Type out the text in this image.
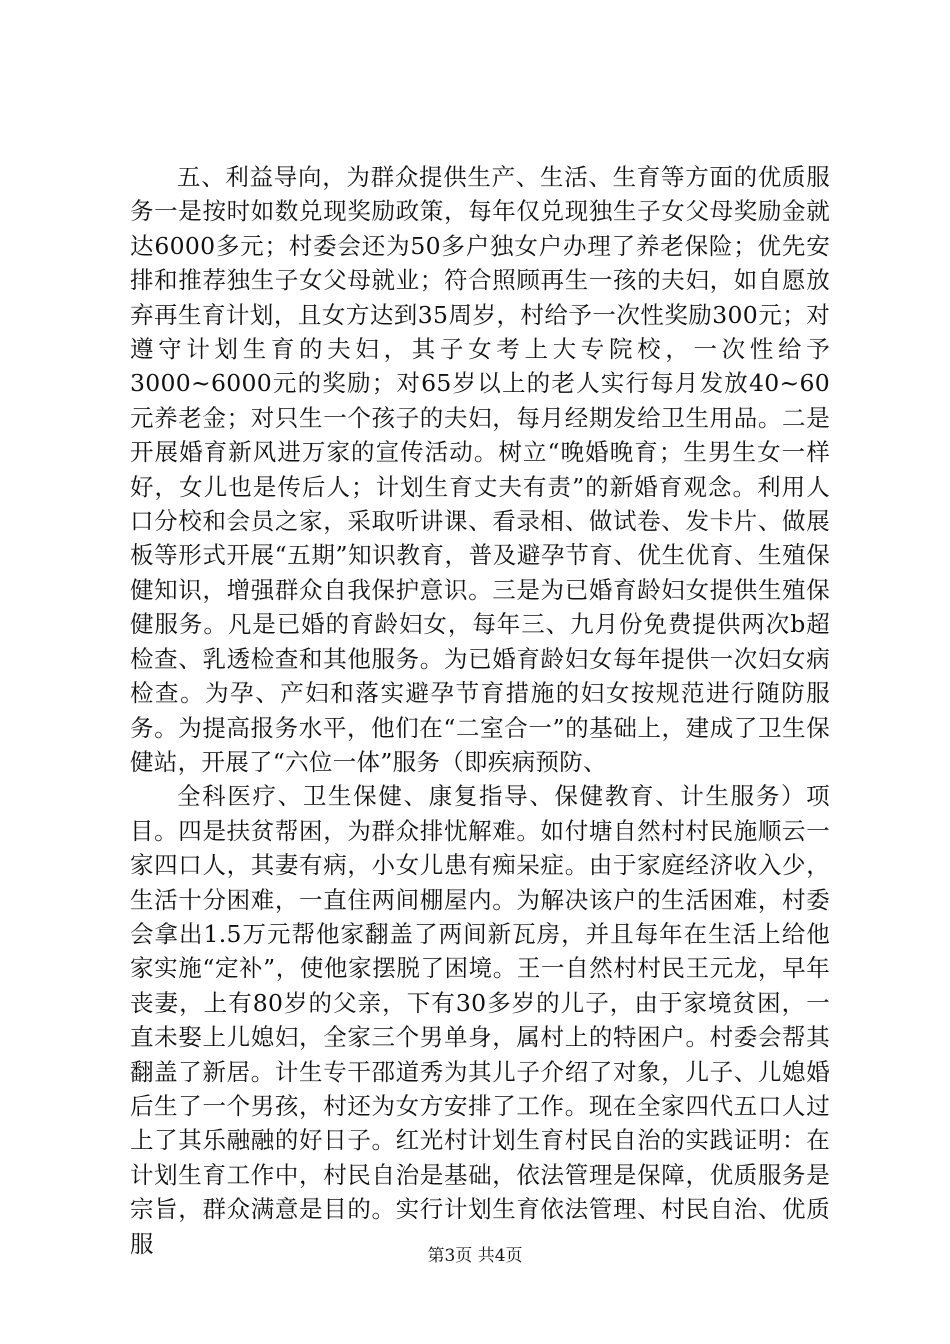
五、利益导向，为群众提供生产、生活、生育等方面的优质服务一是按时如数兑现奖励政策，每年仅兑现独生子女父母奖励金就达6000多元；村委会还为50多户独女户办理了养老保险；优先安排和推荐独生子女父母就业；符合照顾再生一孩的夫妇，如自愿放弃再生育计划，且女方达到35周岁，村给予一次性奖励300元；对遵守计划生育的夫妇，其子女考上大专院校，一次性给予3000~6000元的奖励；对65岁以上的老人实行每月发放40~60元养老金；对只生一个孩子的夫妇，每月经期发给卫生用品。二是开展婚育新风进万家的宣传活动。树立“晚婚晚育；生男生女一样好，女儿也是传后人；计划生育丈夫有责”的新婚育观念。利用人口分校和会员之家，采取听讲课、看录相、做试卷、发卡片、做展板等形式开展“五期”知识教育，普及避孕节育、优生优育、生殖保健知识，增强群众自我保护意识。三是为已婚育龄妇女提供生殖保健服务。凡是已婚的育龄妇女，每年三、九月份免费提供两次b超检查、乳透检查和其他服务。为已婚育龄妇女每年提供一次妇女病检查。为孕、产妇和落实避孕节育措施的妇女按规范进行随防服务。为提高报务水平，他们在“二室合一”的基础上，建成了卫生保健站，开展了“六位一体”服务（即疾病预防、

全科医疗、卫生保健、康复指导、保健教育、计生服务）项目。四是扶贫帮困，为群众排忧解难。如付塘自然村村民施顺云一家四口人，其妻有病，小女儿患有痴呆症。由于家庭经济收入少，生活十分困难，一直住两间棚屋内。为解决该户的生活困难，村委会拿出1.5万元帮他家翻盖了两间新瓦房，并且每年在生活上给他家实施“定补”，使他家摆脱了困境。王一自然村村民王元龙，早年丧妻，上有80岁的父亲，下有30多岁的儿子，由于家境贫困，一直未娶上儿媳妇，全家三个男单身，属村上的特困户。村委会帮其翻盖了新居。计生专干邵道秀为其儿子介绍了对象，儿子、儿媳婚后生了一个男孩，村还为女方安排了工作。现在全家四代五口人过上了其乐融融的好日子。红光村计划生育村民自治的实践证明：在计划生育工作中，村民自治是基础，依法管理是保障，优质服务是宗旨，群众满意是目的。实行计划生育依法管理、村民自治、优质服	第3页 共4页
